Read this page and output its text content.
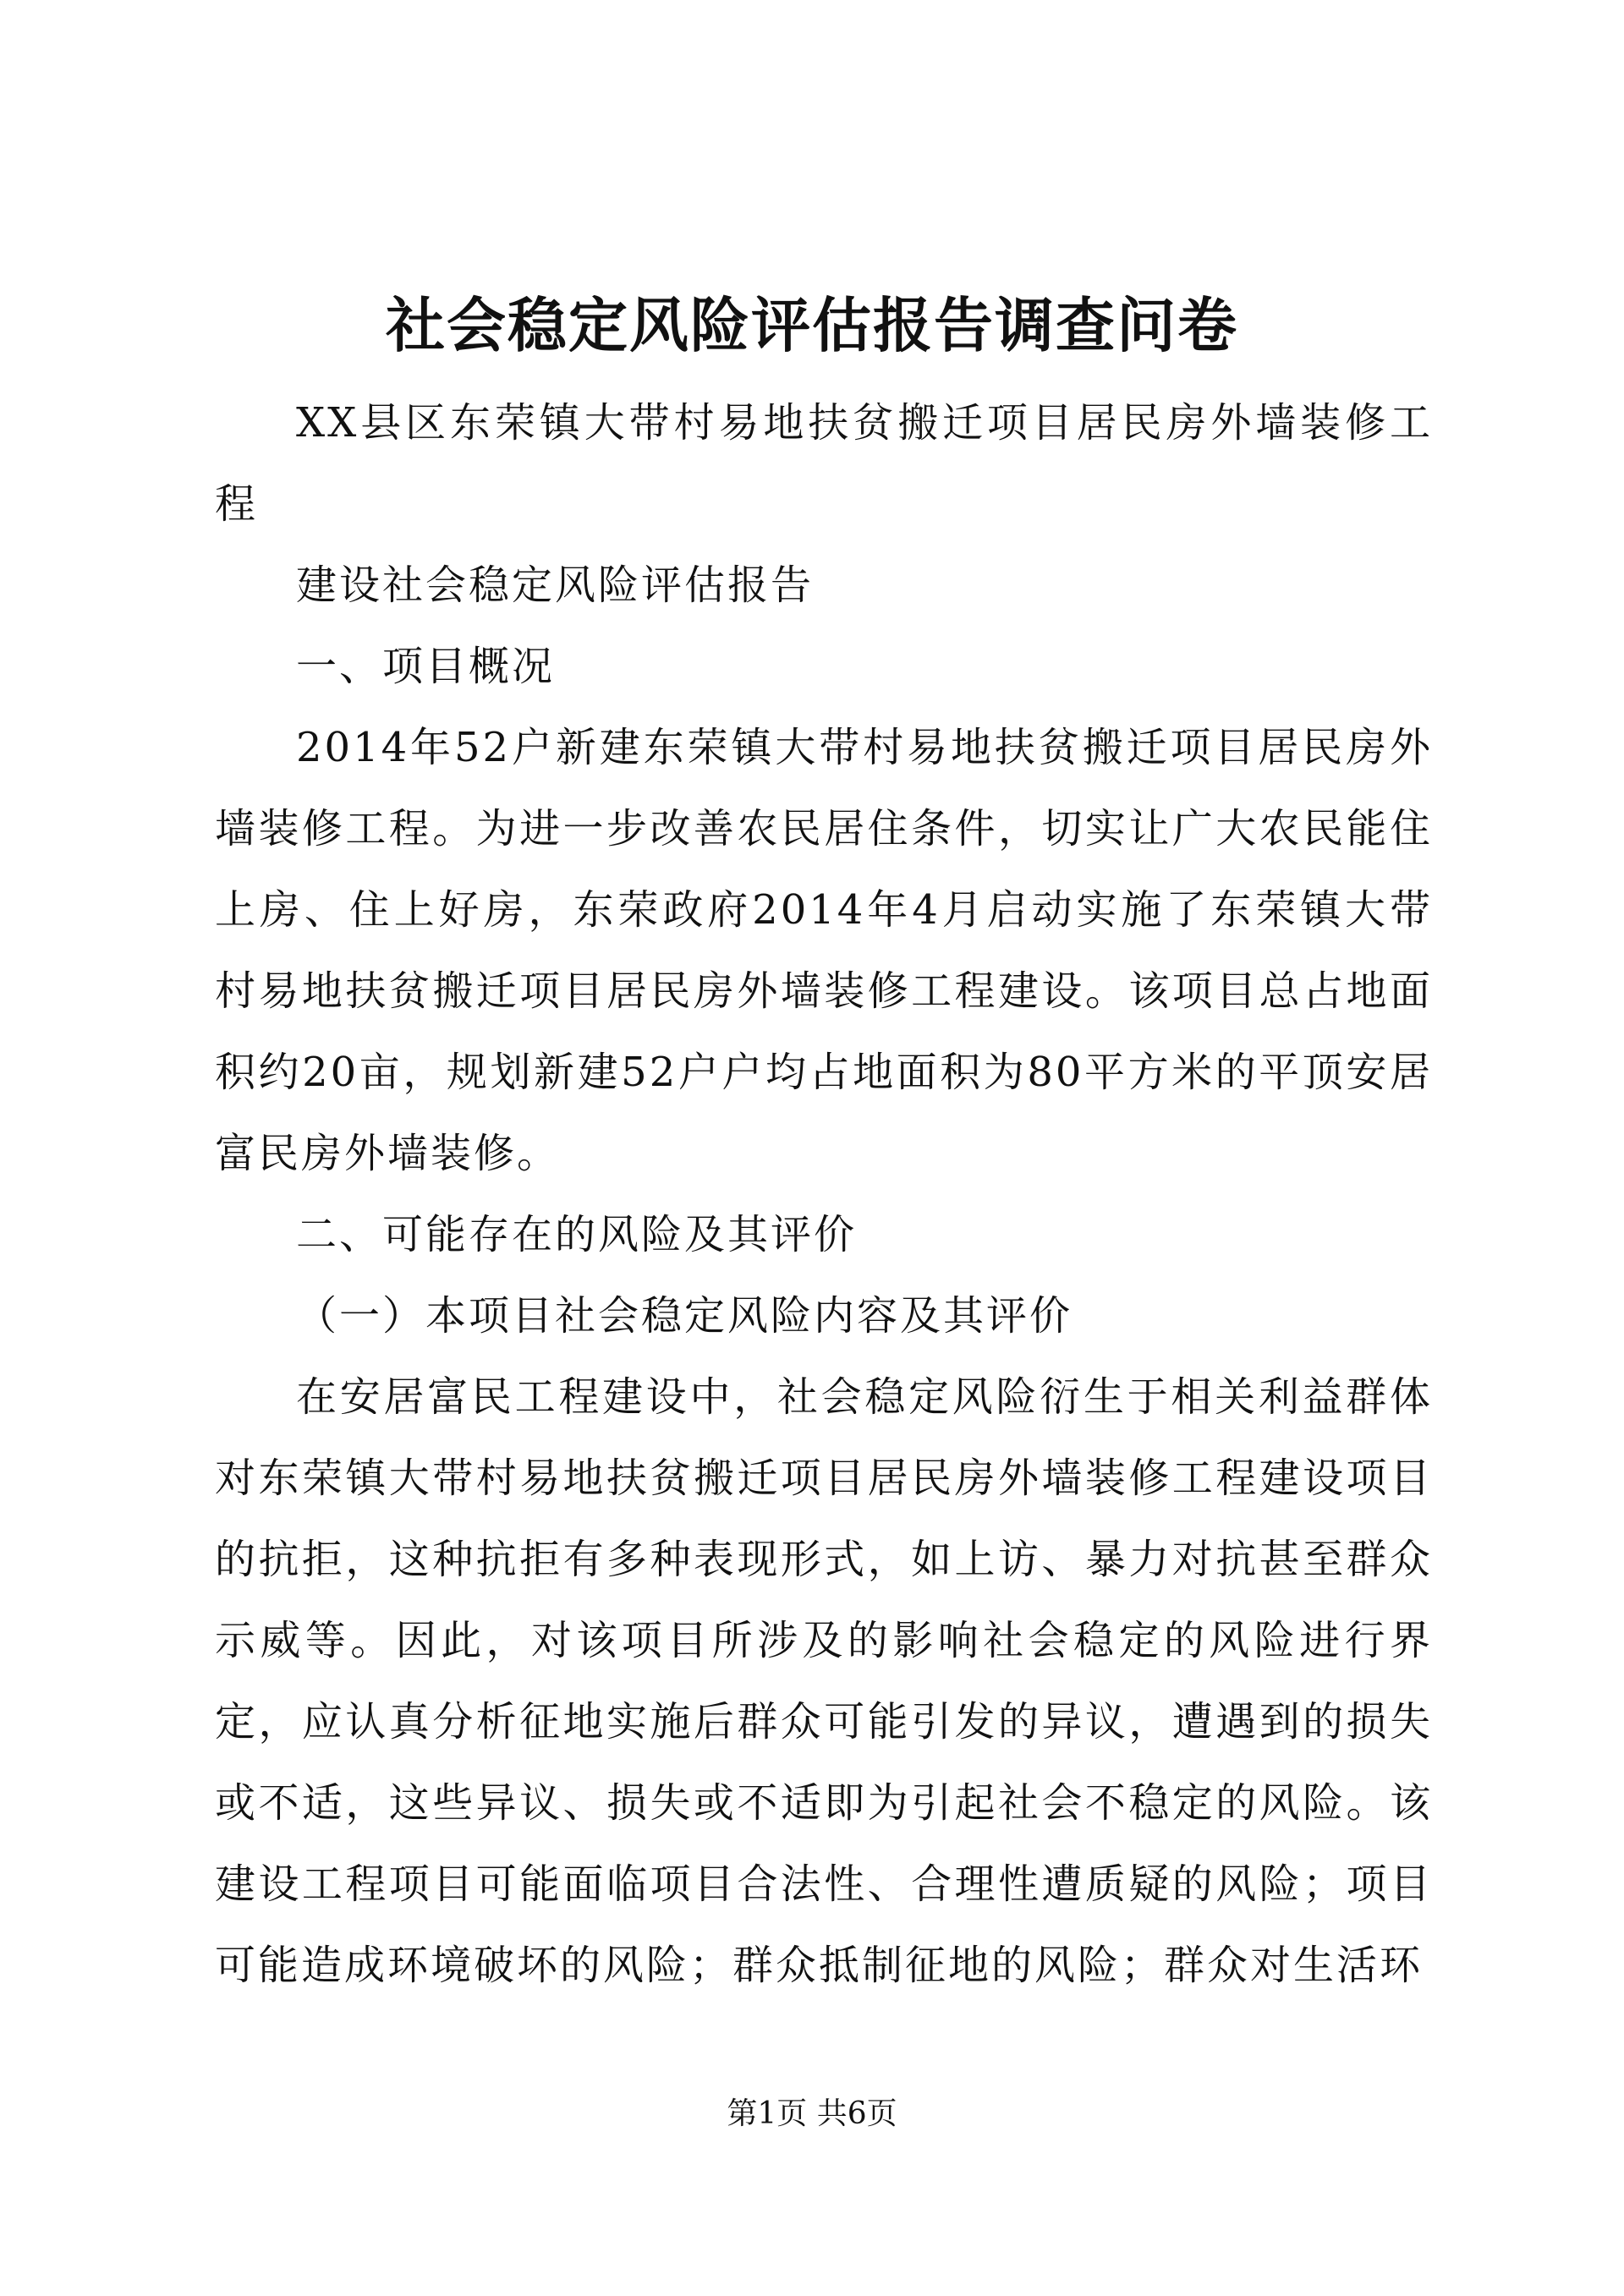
社会稳定风险评估报告调查问卷

XX县区东荣镇大带村易地扶贫搬迁项目居民房外墙装修工程

建设社会稳定风险评估报告

一、项目概况

2014年52户新建东荣镇大带村易地扶贫搬迁项目居民房外墙装修工程。为进一步改善农民居住条件，切实让广大农民能住上房、住上好房，东荣政府2014年4月启动实施了东荣镇大带村易地扶贫搬迁项目居民房外墙装修工程建设。该项目总占地面积约20亩，规划新建52户户均占地面积为80平方米的平顶安居富民房外墙装修。

二、可能存在的风险及其评价

（一）本项目社会稳定风险内容及其评价

在安居富民工程建设中，社会稳定风险衍生于相关利益群体对东荣镇大带村易地扶贫搬迁项目居民房外墙装修工程建设项目的抗拒，这种抗拒有多种表现形式，如上访、暴力对抗甚至群众示威等。因此，对该项目所涉及的影响社会稳定的风险进行界定，应认真分析征地实施后群众可能引发的异议，遭遇到的损失或不适，这些异议、损失或不适即为引起社会不稳定的风险。该建设工程项目可能面临项目合法性、合理性遭质疑的风险；项目可能造成环境破坏的风险；群众抵制征地的风险；群众对生活环

第1页 共6页
